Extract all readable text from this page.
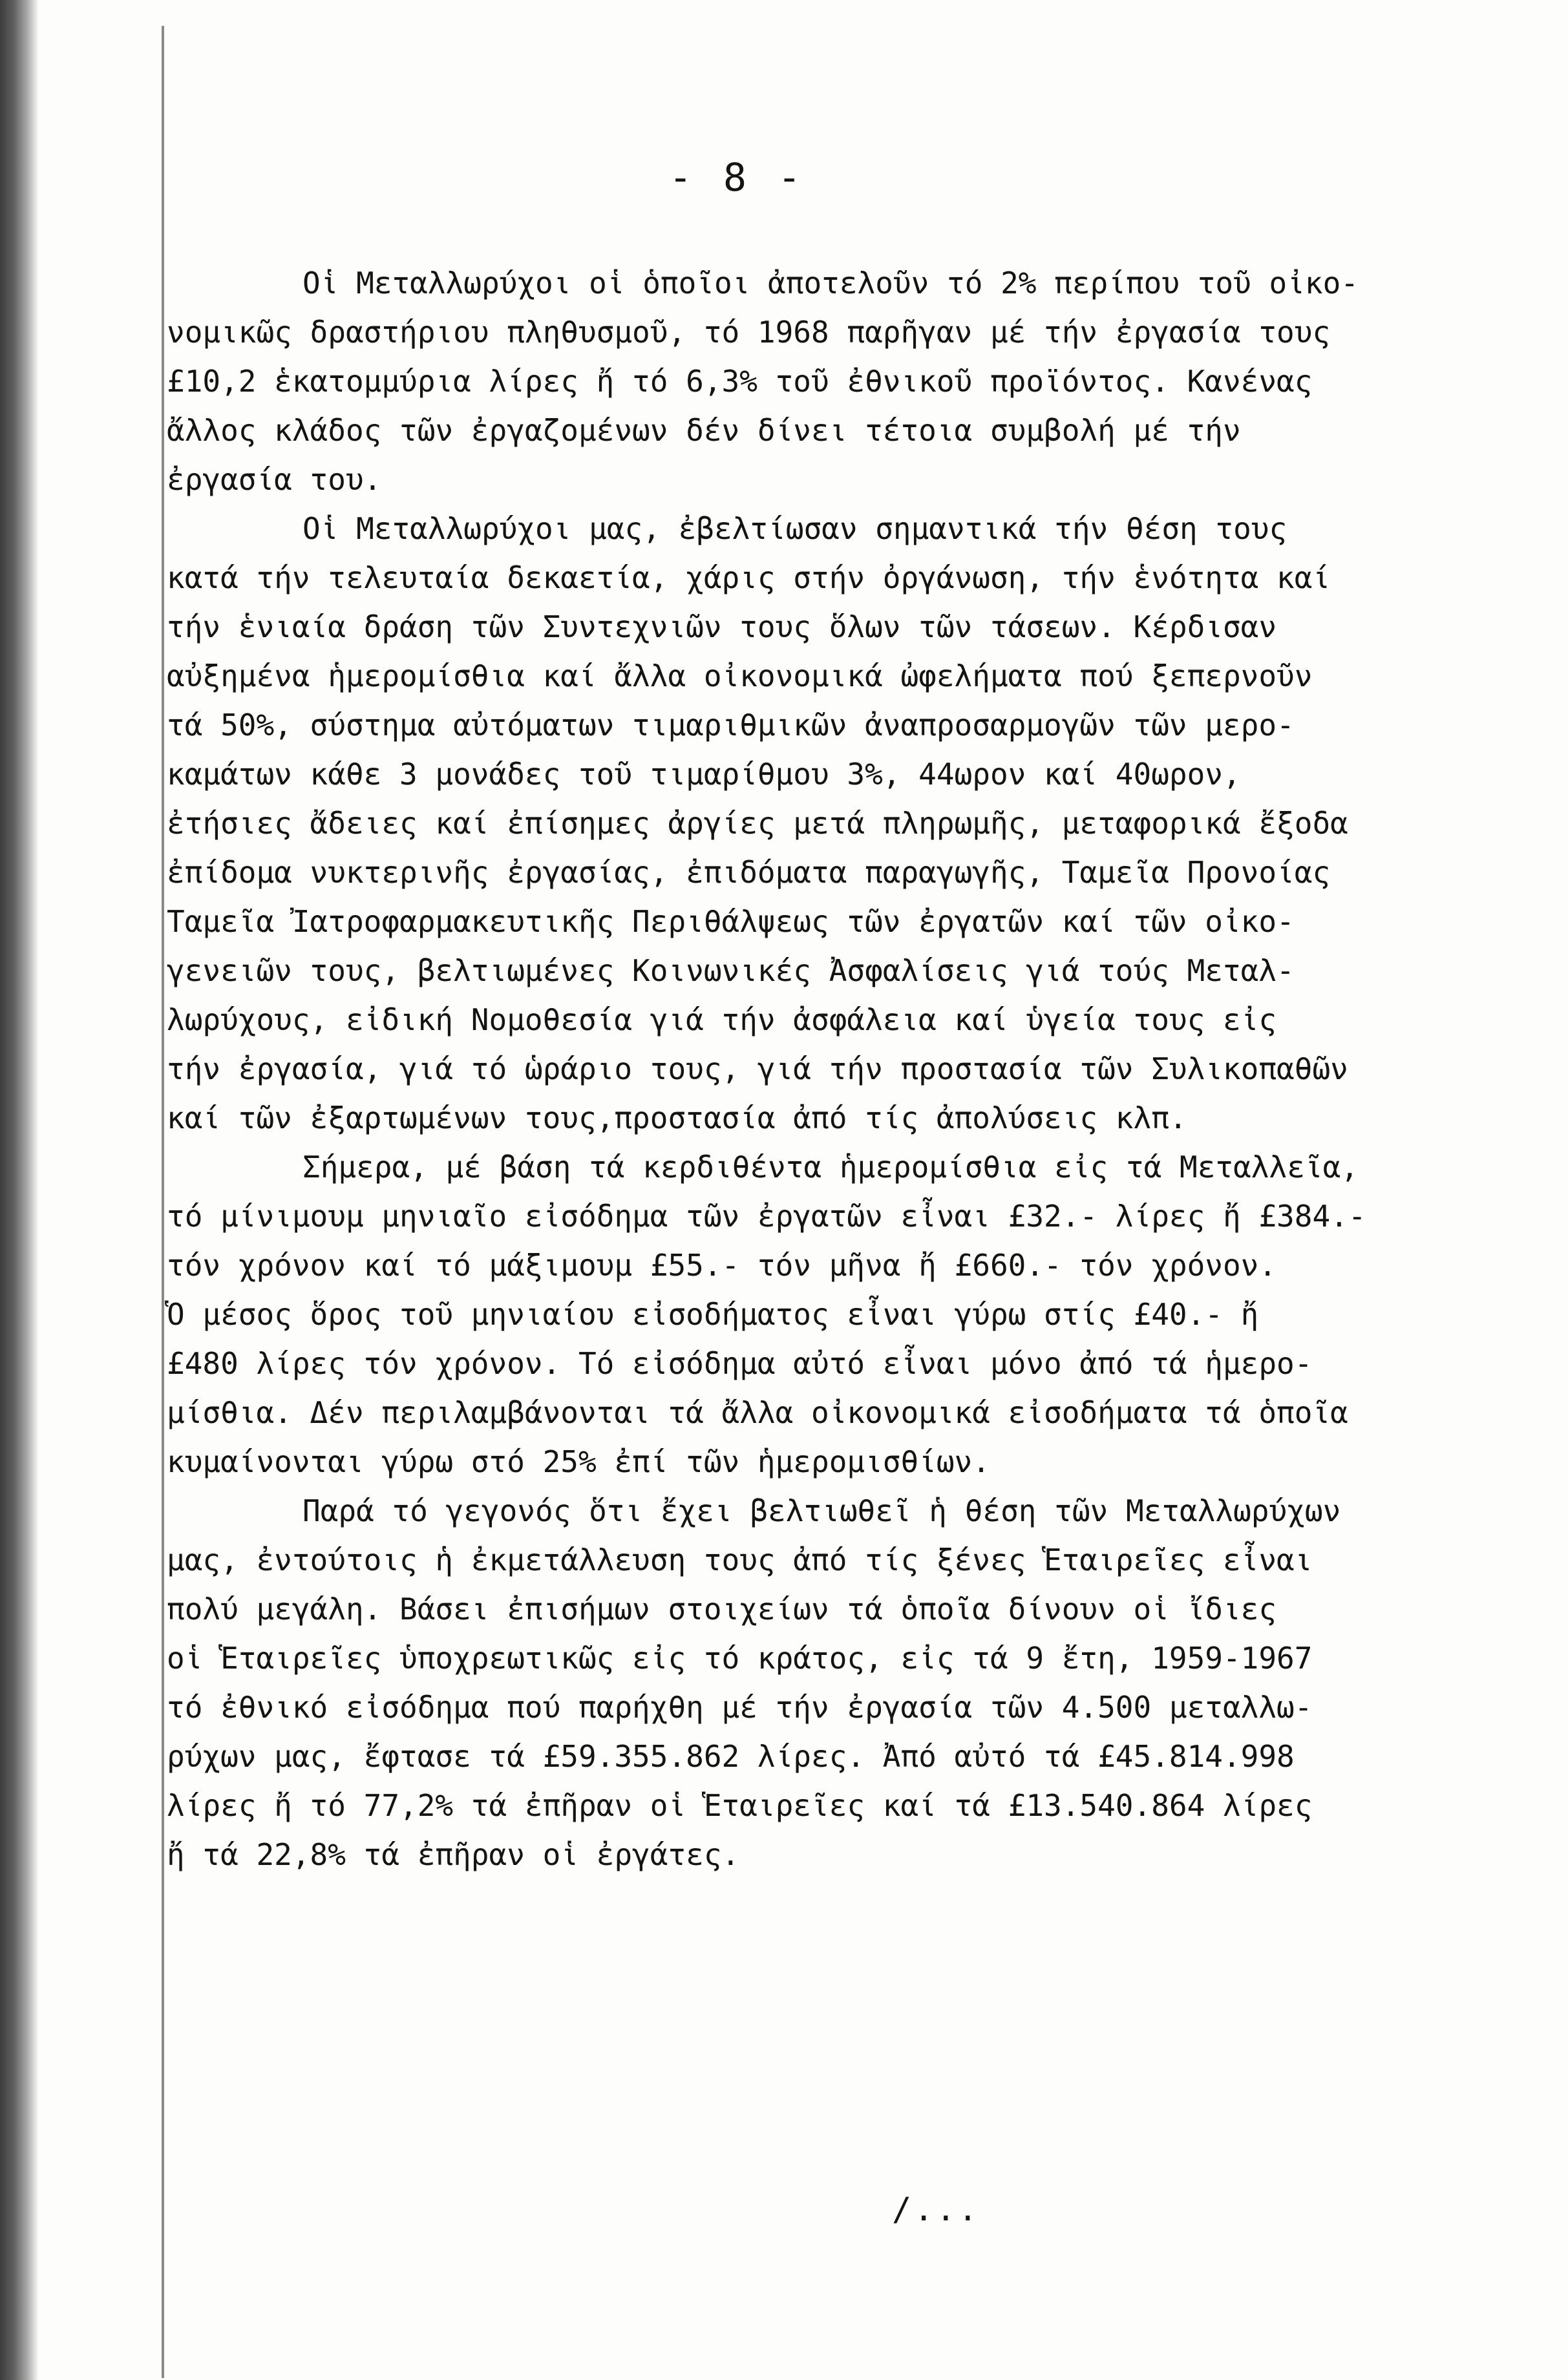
- 8 -
Οἱ Μεταλλωρύχοι οἱ ὁποῖοι ἀποτελοῦν τό 2% περίπου τοῦ οἰκο-
νομικῶς δραστήριου πληθυσμοῦ, τό 1968 παρῆγαν μέ τήν ἐργασία τους
£10,2 ἑκατομμύρια λίρες ἤ τό 6,3% τοῦ ἐθνικοῦ προϊόντος. Κανένας
ἄλλος κλάδος τῶν ἐργαζομένων δέν δίνει τέτοια συμβολή μέ τήν
ἐργασία του.
Οἱ Μεταλλωρύχοι μας, ἐβελτίωσαν σημαντικά τήν θέση τους
κατά τήν τελευταία δεκαετία, χάρις στήν ὀργάνωση, τήν ἑνότητα καί
τήν ἑνιαία δράση τῶν Συντεχνιῶν τους ὅλων τῶν τάσεων. Κέρδισαν
αὐξημένα ἡμερομίσθια καί ἄλλα οἰκονομικά ὠφελήματα πού ξεπερνοῦν
τά 50%, σύστημα αὐτόματων τιμαριθμικῶν ἀναπροσαρμογῶν τῶν μερο-
καμάτων κάθε 3 μονάδες τοῦ τιμαρίθμου 3%, 44ωρον καί 40ωρον,
ἐτήσιες ἄδειες καί ἐπίσημες ἀργίες μετά πληρωμῆς, μεταφορικά ἔξοδα
ἐπίδομα νυκτερινῆς ἐργασίας, ἐπιδόματα παραγωγῆς, Ταμεῖα Προνοίας
Ταμεῖα Ἰατροφαρμακευτικῆς Περιθάλψεως τῶν ἐργατῶν καί τῶν οἰκο-
γενειῶν τους, βελτιωμένες Κοινωνικές Ἀσφαλίσεις γιά τούς Μεταλ-
λωρύχους, εἰδική Νομοθεσία γιά τήν ἀσφάλεια καί ὑγεία τους εἰς
τήν ἐργασία, γιά τό ὡράριο τους, γιά τήν προστασία τῶν Συλικοπαθῶν
καί τῶν ἐξαρτωμένων τους,προστασία ἀπό τίς ἀπολύσεις κλπ.
Σήμερα, μέ βάση τά κερδιθέντα ἡμερομίσθια εἰς τά Μεταλλεῖα,
τό μίνιμουμ μηνιαῖο εἰσόδημα τῶν ἐργατῶν εἶναι £32.- λίρες ἤ £384.-
τόν χρόνον καί τό μάξιμουμ £55.- τόν μῆνα ἤ £660.- τόν χρόνον.
Ὁ μέσος ὅρος τοῦ μηνιαίου εἰσοδήματος εἶναι γύρω στίς £40.- ἤ
£480 λίρες τόν χρόνον. Τό εἰσόδημα αὐτό εἶναι μόνο ἀπό τά ἡμερο-
μίσθια. Δέν περιλαμβάνονται τά ἄλλα οἰκονομικά εἰσοδήματα τά ὁποῖα
κυμαίνονται γύρω στό 25% ἐπί τῶν ἡμερομισθίων.
Παρά τό γεγονός ὅτι ἔχει βελτιωθεῖ ἡ θέση τῶν Μεταλλωρύχων
μας, ἐντούτοις ἡ ἐκμετάλλευση τους ἀπό τίς ξένες Ἑταιρεῖες εἶναι
πολύ μεγάλη. Βάσει ἐπισήμων στοιχείων τά ὁποῖα δίνουν οἱ ἴδιες
οἱ Ἑταιρεῖες ὑποχρεωτικῶς εἰς τό κράτος, εἰς τά 9 ἔτη, 1959-1967
τό ἐθνικό εἰσόδημα πού παρήχθη μέ τήν ἐργασία τῶν 4.500 μεταλλω-
ρύχων μας, ἔφτασε τά £59.355.862 λίρες. Ἀπό αὐτό τά £45.814.998
λίρες ἤ τό 77,2% τά ἐπῆραν οἱ Ἑταιρεῖες καί τά £13.540.864 λίρες
ἤ τά 22,8% τά ἐπῆραν οἱ ἐργάτες.
/...
